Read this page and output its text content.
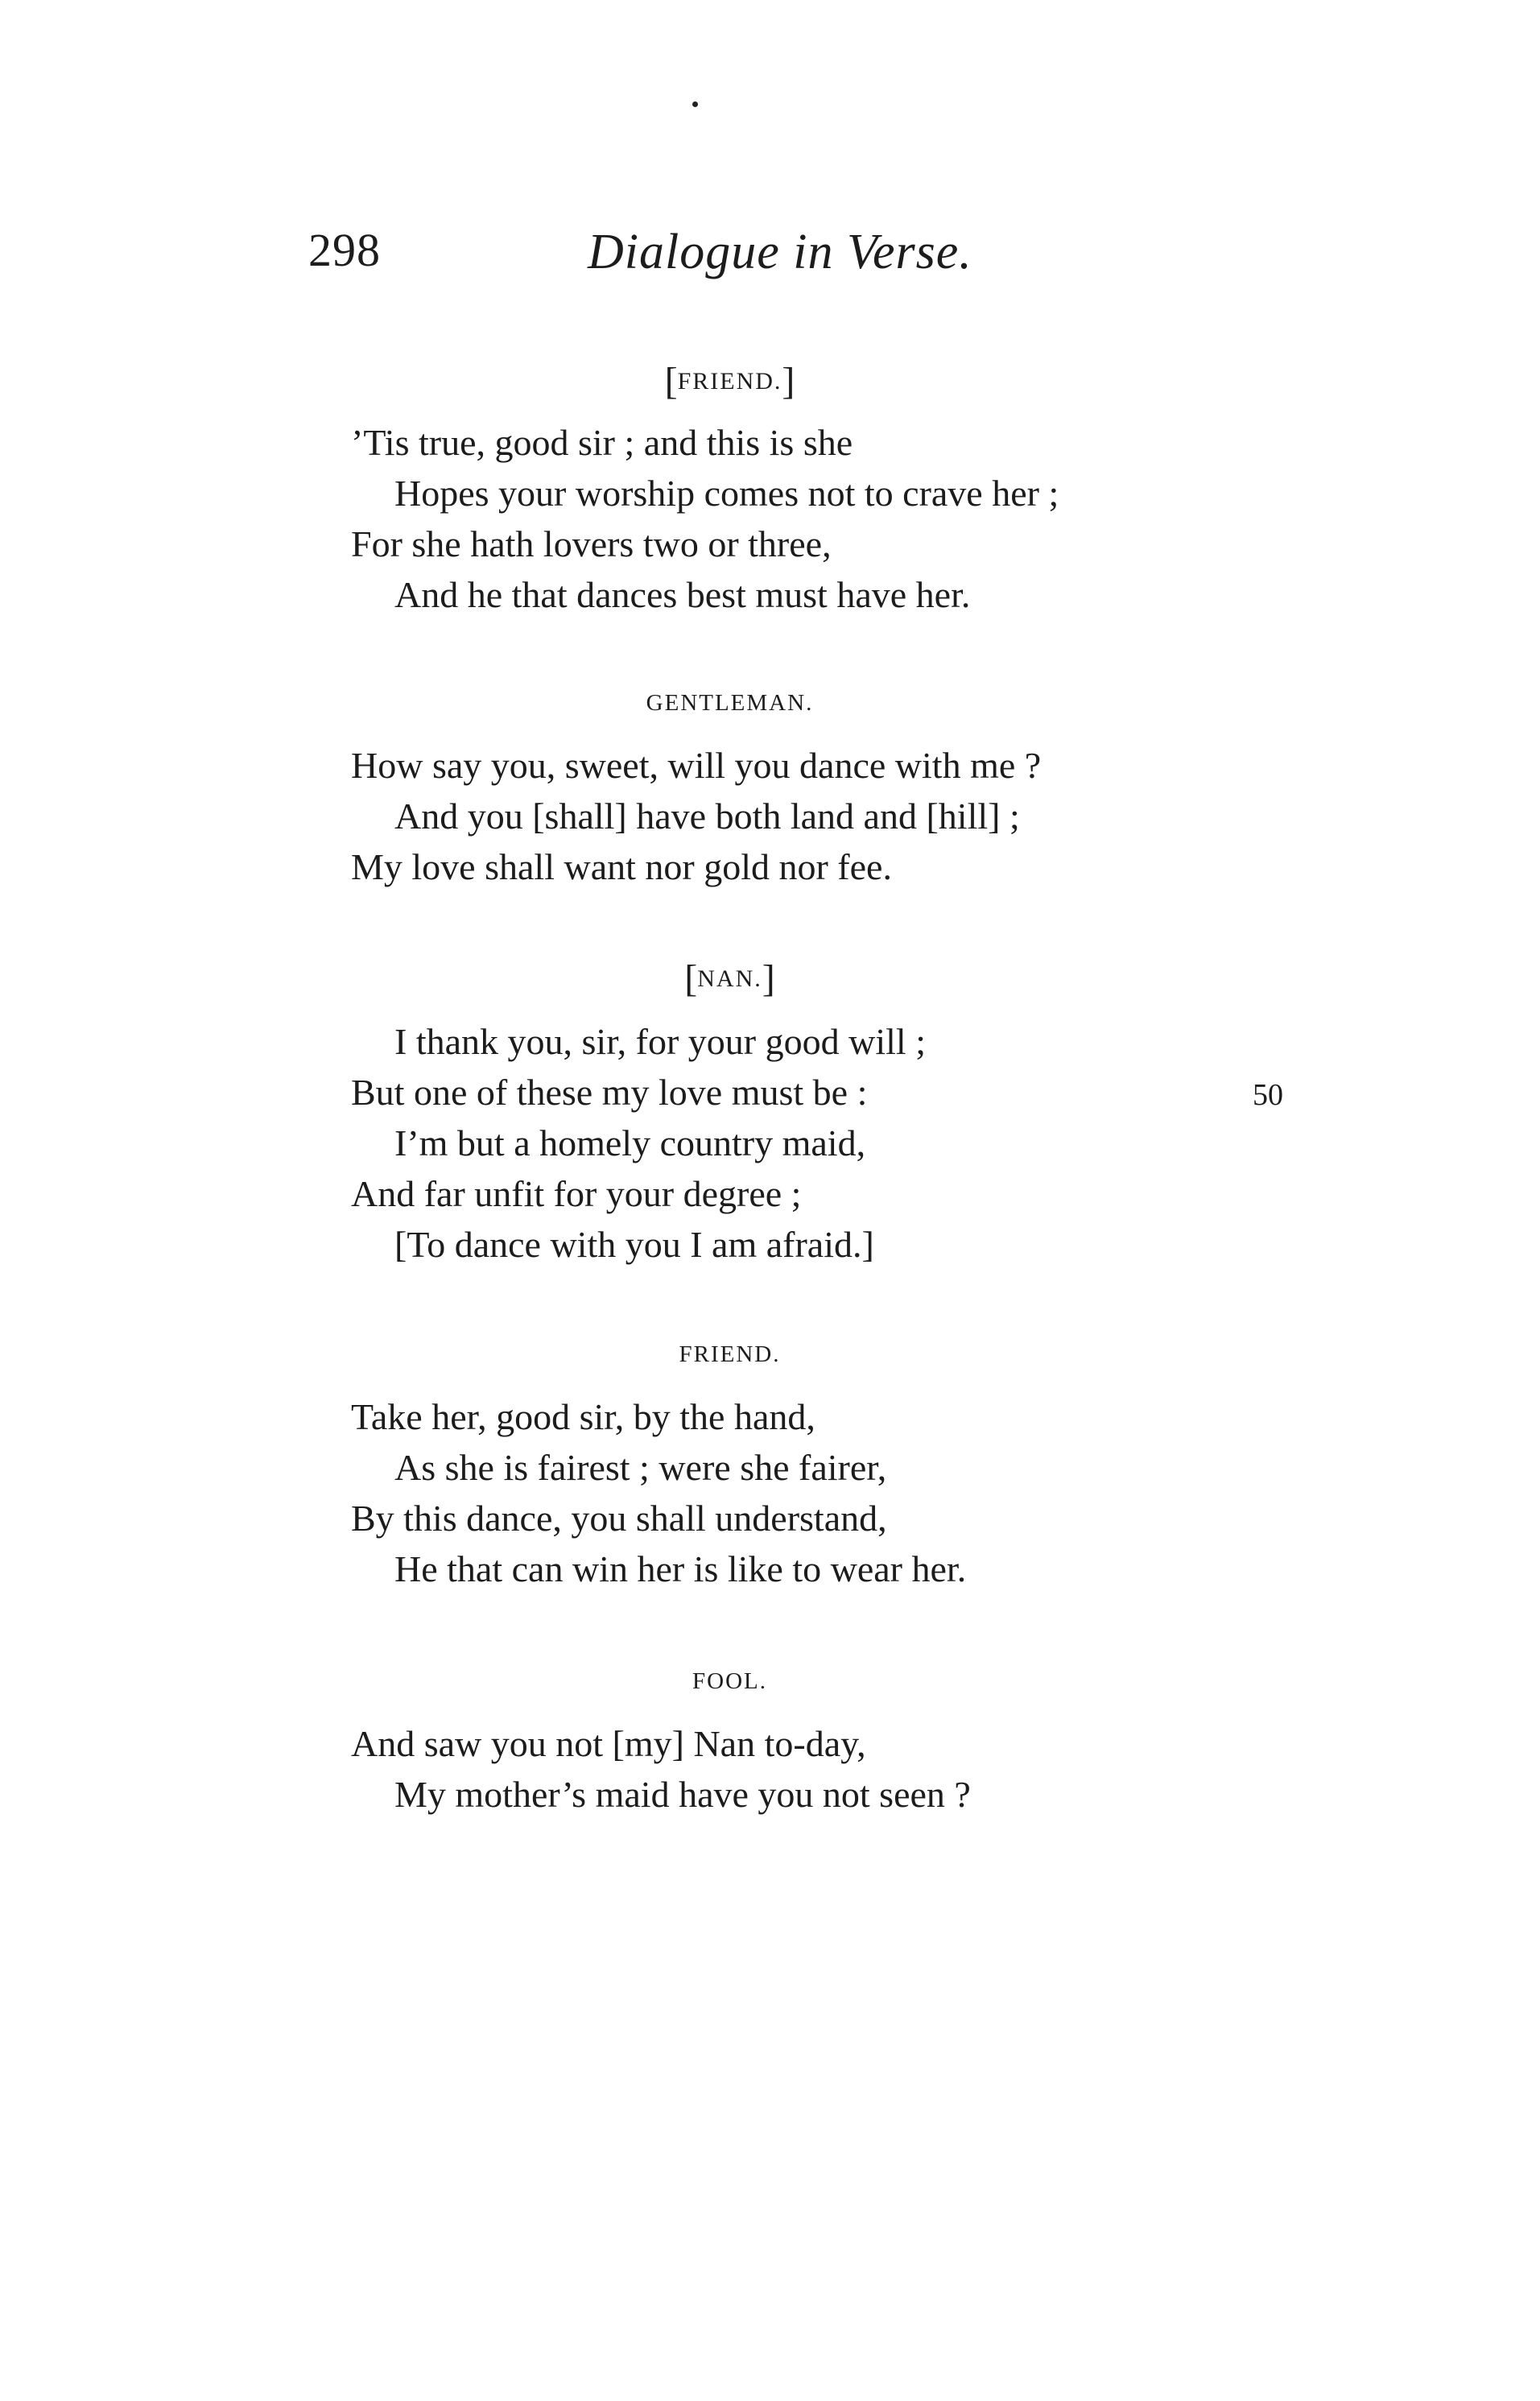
298	Dialogue in Verse.
[FRIEND.]
’Tis true, good sir ; and this is she
Hopes your worship comes not to crave her ;
For she hath lovers two or three,
And he that dances best must have her.
GENTLEMAN.
How say you, sweet, will you dance with me ?
And you [shall] have both land and [hill] ;
My love shall want nor gold nor fee.
[NAN.]
I thank you, sir, for your good will ;
But one of these my love must be :	50
I’m but a homely country maid,
And far unfit for your degree ;
[To dance with you I am afraid.]
FRIEND.
Take her, good sir, by the hand,
As she is fairest ; were she fairer,
By this dance, you shall understand,
He that can win her is like to wear her.
FOOL.
And saw you not [my] Nan to-day,
My mother’s maid have you not seen ?
